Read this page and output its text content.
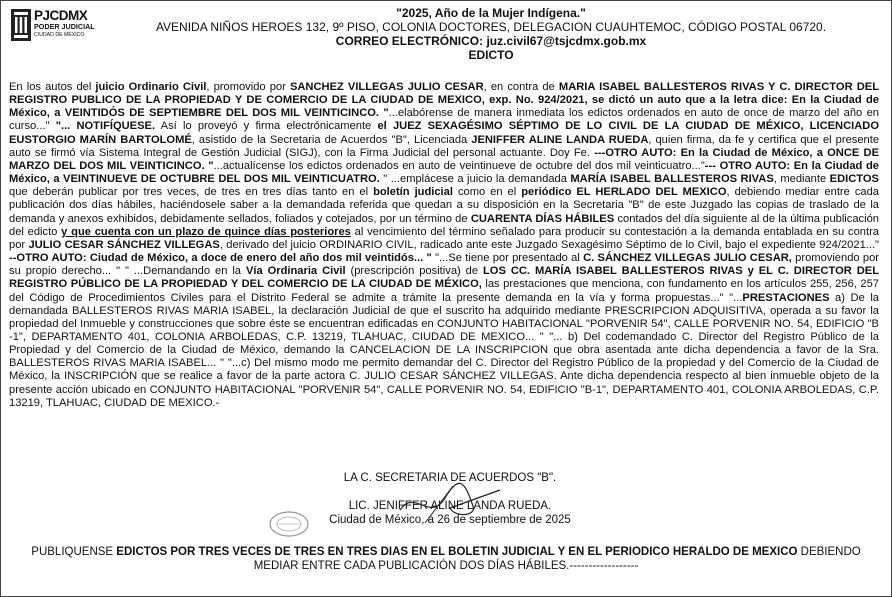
PJCDMX
PODER JUDICIAL
CIUDAD DE MÉXICO
"2025, Año de la Mujer Indígena."
AVENIDA NIÑOS HEROES 132, 9º PISO, COLONIA DOCTORES, DELEGACION CUAUHTEMOC, CÓDIGO POSTAL 06720.
CORREO ELECTRÓNICO: juz.civil67@tsjcdmx.gob.mx
EDICTO
En los autos del juicio Ordinario Civil, promovido por SANCHEZ VILLEGAS JULIO CESAR, en contra de MARIA ISABEL BALLESTEROS RIVAS Y C. DIRECTOR DEL REGISTRO PUBLICO DE LA PROPIEDAD Y DE COMERCIO DE LA CIUDAD DE MEXICO, exp. No. 924/2021, se dictó un auto que a la letra dice: En la Ciudad de México, a VEINTIDÓS DE SEPTIEMBRE DEL DOS MIL VEINTICINCO. "...elabórense de manera inmediata los edictos ordenados en auto de once de marzo del año en curso..." "... NOTIFÍQUESE. Así lo proveyó y firma electrónicamente el JUEZ SEXAGÉSIMO SÉPTIMO DE LO CIVIL DE LA CIUDAD DE MÉXICO, LICENCIADO EUSTORGIO MARÍN BARTOLOMÉ, asistido de la Secretaria de Acuerdos "B", Licenciada JENIFFER ALINE LANDA RUEDA, quien firma, da fe y certifica que el presente auto se firmó vía Sistema Integral de Gestión Judicial (SIGJ), con la Firma Judicial del personal actuante. Doy Fe. ---OTRO AUTO: En la Ciudad de México, a ONCE DE MARZO DEL DOS MIL VEINTICINCO. "...actualícense los edictos ordenados en auto de veintinueve de octubre del dos mil veinticuatro..."--- OTRO AUTO: En la Ciudad de México, a VEINTINUEVE DE OCTUBRE DEL DOS MIL VEINTICUATRO. " ...emplácese a juicio la demandada MARÍA ISABEL BALLESTEROS RIVAS, mediante EDICTOS que deberán publicar por tres veces, de tres en tres días tanto en el boletín judicial como en el periódico EL HERLADO DEL MEXICO, debiendo mediar entre cada publicación dos días hábiles, haciéndosele saber a la demandada referida que quedan a su disposición en la Secretaria "B" de este Juzgado las copias de traslado de la demanda y anexos exhibidos, debidamente sellados, foliados y cotejados, por un término de CUARENTA DÍAS HÁBILES contados del día siguiente al de la última publicación del edicto y que cuenta con un plazo de quince días posteriores al vencimiento del término señalado para producir su contestación a la demanda entablada en su contra por JULIO CESAR SÁNCHEZ VILLEGAS, derivado del juicio ORDINARIO CIVIL, radicado ante este Juzgado Sexagésimo Séptimo de lo Civil, bajo el expediente 924/2021..." --OTRO AUTO: Ciudad de México, a doce de enero del año dos mil veintidós... " "...Se tiene por presentado al C. SÁNCHEZ VILLEGAS JULIO CESAR, promoviendo por su propio derecho... " " ...Demandando en la Vía Ordinaria Civil (prescripción positiva) de LOS CC. MARÍA ISABEL BALLESTEROS RIVAS y EL C. DIRECTOR DEL REGISTRO PÚBLICO DE LA PROPIEDAD Y DEL COMERCIO DE LA CIUDAD DE MÉXICO, las prestaciones que menciona, con fundamento en los artículos 255, 256, 257 del Código de Procedimientos Civiles para el Distrito Federal se admite a trámite la presente demanda en la vía y forma propuestas..." "...PRESTACIONES a) De la demandada BALLESTEROS RIVAS MARIA ISABEL, la declaración Judicial de que el suscrito ha adquirido mediante PRESCRIPCION ADQUISITIVA, operada a su favor la propiedad del Inmueble y construcciones que sobre éste se encuentran edificadas en CONJUNTO HABITACIONAL "PORVENIR 54", CALLE PORVENIR NO. 54, EDIFICIO "B -1", DEPARTAMENTO 401, COLONIA ARBOLEDAS, C.P. 13219, TLAHUAC, CIUDAD DE MEXICO... " "... b) Del codemandado C. Director del Registro Público de la Propiedad y del Comercio de la Ciudad de México, demando la CANCELACION DE LA INSCRIPCION que obra asentada ante dicha dependencia a favor de la Sra. BALLESTEROS RIVAS MARIA ISABEL... " "...c) Del mismo modo me permito demandar del C. Director del Registro Público de la propiedad y del Comercio de la Ciudad de México, la INSCRIPCIÓN que se realice a favor de la parte actora C. JULIO CESAR SÁNCHEZ VILLEGAS. Ante dicha dependencia respecto al bien inmueble objeto de la presente acción ubicado en CONJUNTO HABITACIONAL "PORVENIR 54", CALLE PORVENIR NO. 54, EDIFICIO "B-1", DEPARTAMENTO 401, COLONIA ARBOLEDAS, C.P. 13219, TLAHUAC, CIUDAD DE MEXICO.-
LA C. SECRETARIA DE ACUERDOS "B".
LIC. JENIFFER ALINE LANDA RUEDA.
Ciudad de México, a 26 de septiembre de 2025
PUBLIQUENSE EDICTOS POR TRES VECES DE TRES EN TRES DIAS EN EL BOLETIN JUDICIAL Y EN EL PERIODICO HERALDO DE MEXICO DEBIENDO MEDIAR ENTRE CADA PUBLICACIÓN DOS DÍAS HÁBILES.------------------
